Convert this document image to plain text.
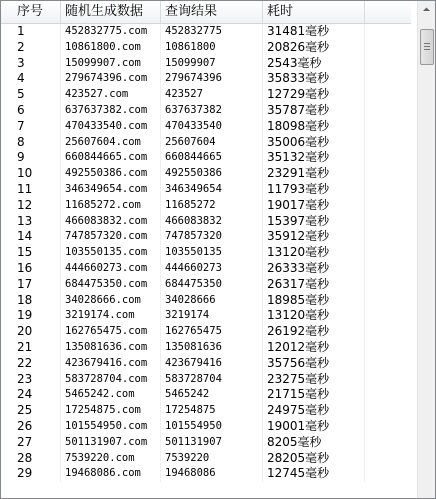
序号	随机生成数据	查询结果	耗时
1	452832775.com	452832775	31481毫秒
2	10861800.com	10861800	20826毫秒
3	15099907.com	15099907	2543毫秒
4	279674396.com	279674396	35833毫秒
5	423527.com	423527	12729毫秒
6	637637382.com	637637382	35787毫秒
7	470433540.com	470433540	18098毫秒
8	25607604.com	25607604	35006毫秒
9	660844665.com	660844665	35132毫秒
10	492550386.com	492550386	23291毫秒
11	346349654.com	346349654	11793毫秒
12	11685272.com	11685272	19017毫秒
13	466083832.com	466083832	15397毫秒
14	747857320.com	747857320	35912毫秒
15	103550135.com	103550135	13120毫秒
16	444660273.com	444660273	26333毫秒
17	684475350.com	684475350	26317毫秒
18	34028666.com	34028666	18985毫秒
19	3219174.com	3219174	13120毫秒
20	162765475.com	162765475	26192毫秒
21	135081636.com	135081636	12012毫秒
22	423679416.com	423679416	35756毫秒
23	583728704.com	583728704	23275毫秒
24	5465242.com	5465242	21715毫秒
25	17254875.com	17254875	24975毫秒
26	101554950.com	101554950	19001毫秒
27	501131907.com	501131907	8205毫秒
28	7539220.com	7539220	28205毫秒
29	19468086.com	19468086	12745毫秒
